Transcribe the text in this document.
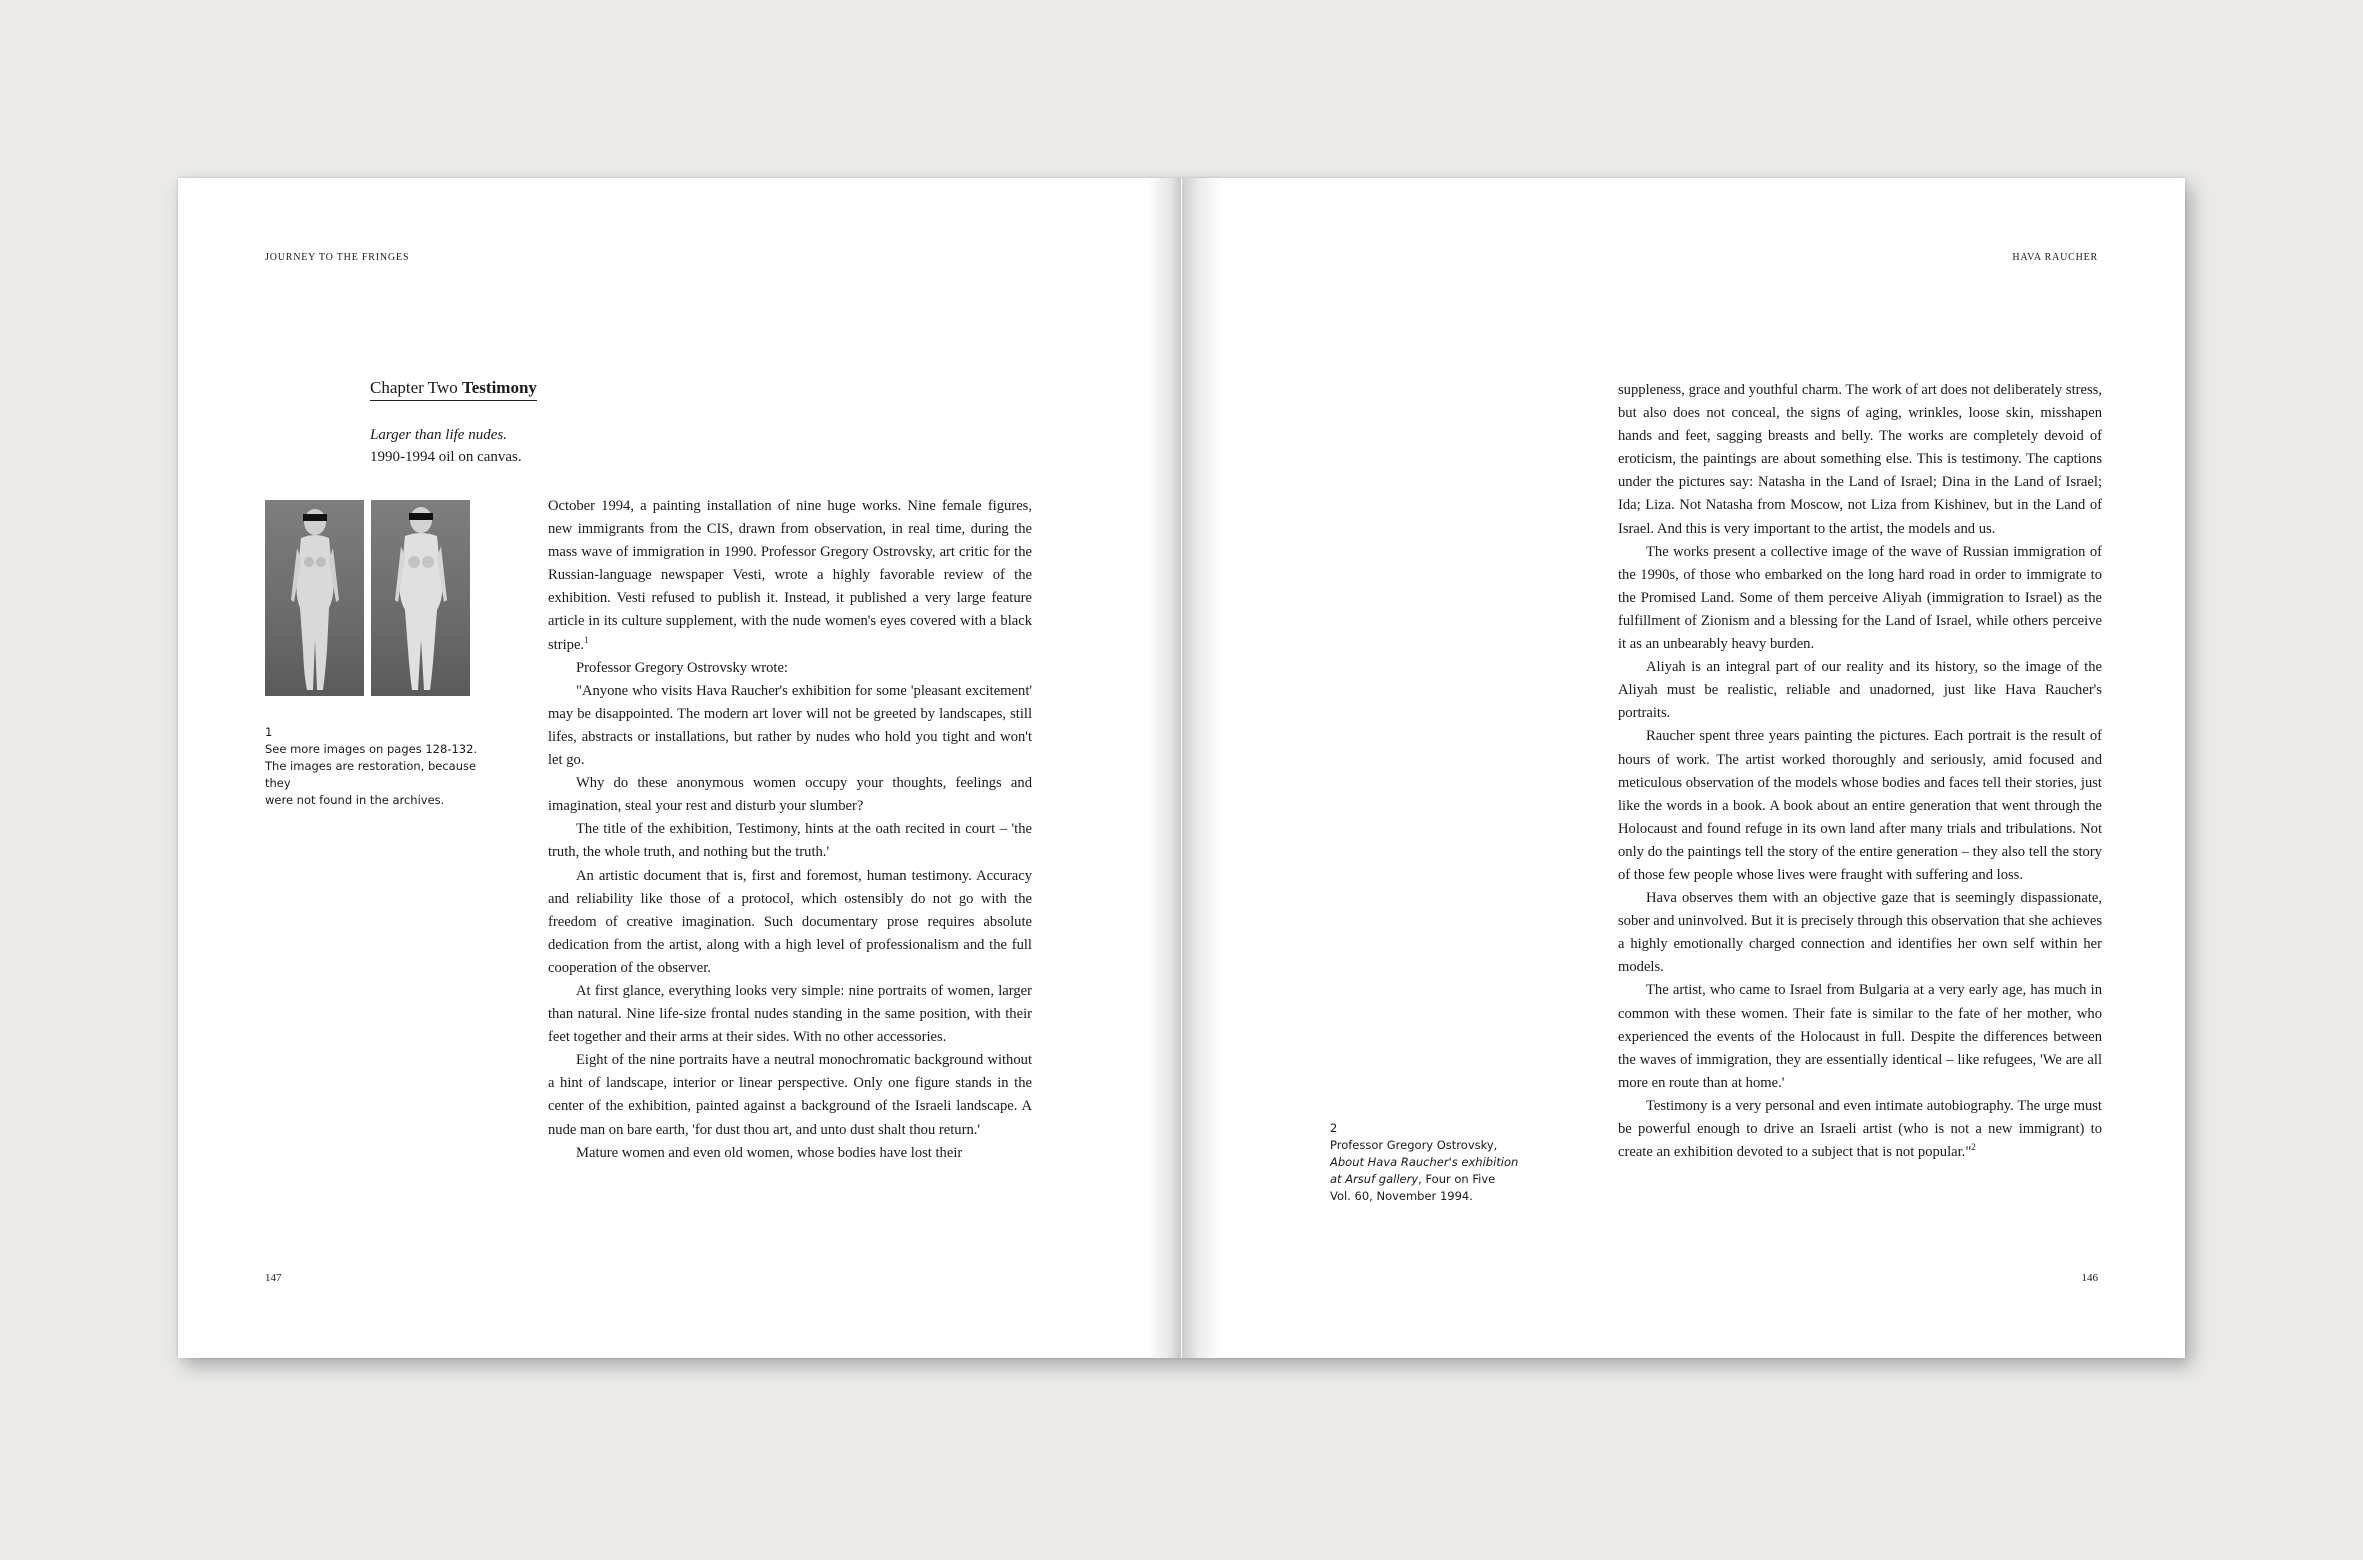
JOURNEY TO THE FRINGES
Chapter Two Testimony
Larger than life nudes.
1990-1994 oil on canvas.
1
See more images on pages 128-132.
The images are restoration, because they
were not found in the archives.

October 1994, a painting installation of nine huge works. Nine female figures, new immigrants from the CIS, drawn from observation, in real time, during the mass wave of immigration in 1990. Professor Gregory Ostrovsky, art critic for the Russian-language newspaper Vesti, wrote a highly favorable review of the exhibition. Vesti refused to publish it. Instead, it published a very large feature article in its culture supplement, with the nude women's eyes covered with a black stripe.$^1$

Professor Gregory Ostrovsky wrote:

"Anyone who visits Hava Raucher's exhibition for some 'pleasant excitement' may be disappointed. The modern art lover will not be greeted by landscapes, still lifes, abstracts or installations, but rather by nudes who hold you tight and won't let go.

Why do these anonymous women occupy your thoughts, feelings and imagination, steal your rest and disturb your slumber?

The title of the exhibition, Testimony, hints at the oath recited in court – 'the truth, the whole truth, and nothing but the truth.'

An artistic document that is, first and foremost, human testimony. Accuracy and reliability like those of a protocol, which ostensibly do not go with the freedom of creative imagination. Such documentary prose requires absolute dedication from the artist, along with a high level of professionalism and the full cooperation of the observer.

At first glance, everything looks very simple: nine portraits of women, larger than natural. Nine life-size frontal nudes standing in the same position, with their feet together and their arms at their sides. With no other accessories.

Eight of the nine portraits have a neutral monochromatic background without a hint of landscape, interior or linear perspective. Only one figure stands in the center of the exhibition, painted against a background of the Israeli landscape. A nude man on bare earth, 'for dust thou art, and unto dust shalt thou return.'

Mature women and even old women, whose bodies have lost their

147
HAVA RAUCHER

suppleness, grace and youthful charm. The work of art does not deliberately stress, but also does not conceal, the signs of aging, wrinkles, loose skin, misshapen hands and feet, sagging breasts and belly. The works are completely devoid of eroticism, the paintings are about something else. This is testimony. The captions under the pictures say: Natasha in the Land of Israel; Dina in the Land of Israel; Ida; Liza. Not Natasha from Moscow, not Liza from Kishinev, but in the Land of Israel. And this is very important to the artist, the models and us.

The works present a collective image of the wave of Russian immigration of the 1990s, of those who embarked on the long hard road in order to immigrate to the Promised Land. Some of them perceive Aliyah (immigration to Israel) as the fulfillment of Zionism and a blessing for the Land of Israel, while others perceive it as an unbearably heavy burden.

Aliyah is an integral part of our reality and its history, so the image of the Aliyah must be realistic, reliable and unadorned, just like Hava Raucher's portraits.

Raucher spent three years painting the pictures. Each portrait is the result of hours of work. The artist worked thoroughly and seriously, amid focused and meticulous observation of the models whose bodies and faces tell their stories, just like the words in a book. A book about an entire generation that went through the Holocaust and found refuge in its own land after many trials and tribulations. Not only do the paintings tell the story of the entire generation – they also tell the story of those few people whose lives were fraught with suffering and loss.

Hava observes them with an objective gaze that is seemingly dispassionate, sober and uninvolved. But it is precisely through this observation that she achieves a highly emotionally charged connection and identifies her own self within her models.

The artist, who came to Israel from Bulgaria at a very early age, has much in common with these women. Their fate is similar to the fate of her mother, who experienced the events of the Holocaust in full. Despite the differences between the waves of immigration, they are essentially identical – like refugees, 'We are all more en route than at home.'

Testimony is a very personal and even intimate autobiography. The urge must be powerful enough to drive an Israeli artist (who is not a new immigrant) to create an exhibition devoted to a subject that is not popular."$^2$

2
Professor Gregory Ostrovsky,
About Hava Raucher's exhibition
at Arsuf gallery, Four on Five
Vol. 60, November 1994.
146
